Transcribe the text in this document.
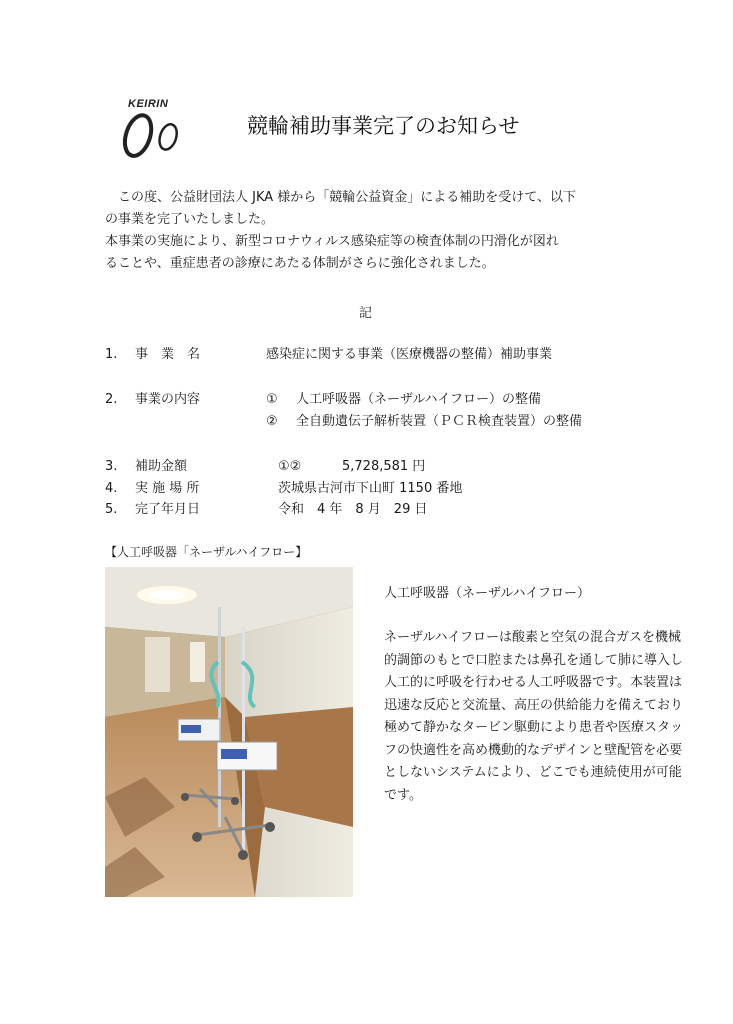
KEIRIN
競輪補助事業完了のお知らせ
この度、公益財団法人 JKA 様から「競輪公益資金」による補助を受けて、以下
の事業を完了いたしました。
本事業の実施により、新型コロナウィルス感染症等の検査体制の円滑化が図れ
ることや、重症患者の診療にあたる体制がさらに強化されました。
記
1. 事　業　名	感染症に関する事業（医療機器の整備）補助事業
2. 事業の内容	① 人工呼吸器（ネーザルハイフロー）の整備
② 全自動遺伝子解析装置（ＰＣＲ検査装置）の整備
3. 補助金額	①②	5,728,581 円
4. 実 施 場 所	茨城県古河市下山町 1150 番地
5. 完了年月日	令和　4 年　8 月　29 日
【人工呼吸器「ネーザルハイフロー】
人工呼吸器（ネーザルハイフロー）
ネーザルハイフローは酸素と空気の混合ガスを機械的調節のもとで口腔または鼻孔を通して肺に導入し人工的に呼吸を行わせる人工呼吸器です。本装置は迅速な反応と交流量、高圧の供給能力を備えており極めて静かなタービン駆動により患者や医療スタッフの快適性を高め機動的なデザインと壁配管を必要としないシステムにより、どこでも連続使用が可能です。
